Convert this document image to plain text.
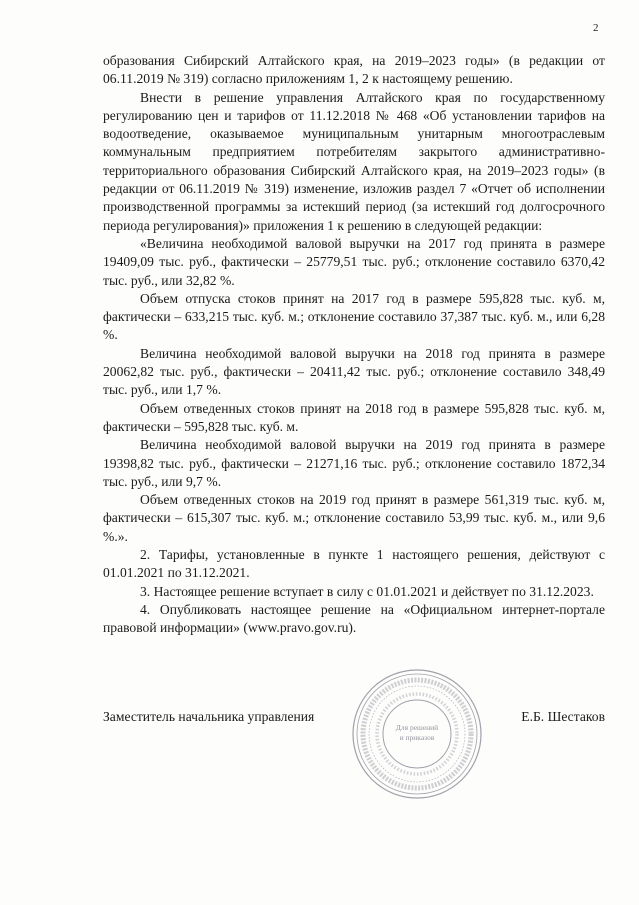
2

образования Сибирский Алтайского края, на 2019–2023 годы» (в редакции от 06.11.2019 № 319) согласно приложениям 1, 2 к настоящему решению.

Внести в решение управления Алтайского края по государственному регулированию цен и тарифов от 11.12.2018 № 468 «Об установлении тарифов на водоотведение, оказываемое муниципальным унитарным многоотраслевым коммунальным предприятием потребителям закрытого административно-территориального образования Сибирский Алтайского края, на 2019–2023 годы» (в редакции от 06.11.2019 № 319) изменение, изложив раздел 7 «Отчет об исполнении производственной программы за истекший период (за истекший год долгосрочного периода регулирования)» приложения 1 к решению в следующей редакции:

«Величина необходимой валовой выручки на 2017 год принята в размере 19409,09 тыс. руб., фактически – 25779,51 тыс. руб.; отклонение составило 6370,42 тыс. руб., или 32,82 %.

Объем отпуска стоков принят на 2017 год в размере 595,828 тыс. куб. м, фактически – 633,215 тыс. куб. м.; отклонение составило 37,387 тыс. куб. м., или 6,28 %.

Величина необходимой валовой выручки на 2018 год принята в размере 20062,82 тыс. руб., фактически – 20411,42 тыс. руб.; отклонение составило 348,49 тыс. руб., или 1,7 %.

Объем отведенных стоков принят на 2018 год в размере 595,828 тыс. куб. м, фактически – 595,828 тыс. куб. м.

Величина необходимой валовой выручки на 2019 год принята в размере 19398,82 тыс. руб., фактически – 21271,16 тыс. руб.; отклонение составило 1872,34 тыс. руб., или 9,7 %.

Объем отведенных стоков на 2019 год принят в размере 561,319 тыс. куб. м, фактически – 615,307 тыс. куб. м.; отклонение составило 53,99 тыс. куб. м., или 9,6 %.».

2. Тарифы, установленные в пункте 1 настоящего решения, действуют с 01.01.2021 по 31.12.2021.

3. Настоящее решение вступает в силу с 01.01.2021 и действует по 31.12.2023.

4. Опубликовать настоящее решение на «Официальном интернет-портале правовой информации» (www.pravo.gov.ru).

Для решений
и приказов
Заместитель начальника управления	Е.Б. Шестаков
